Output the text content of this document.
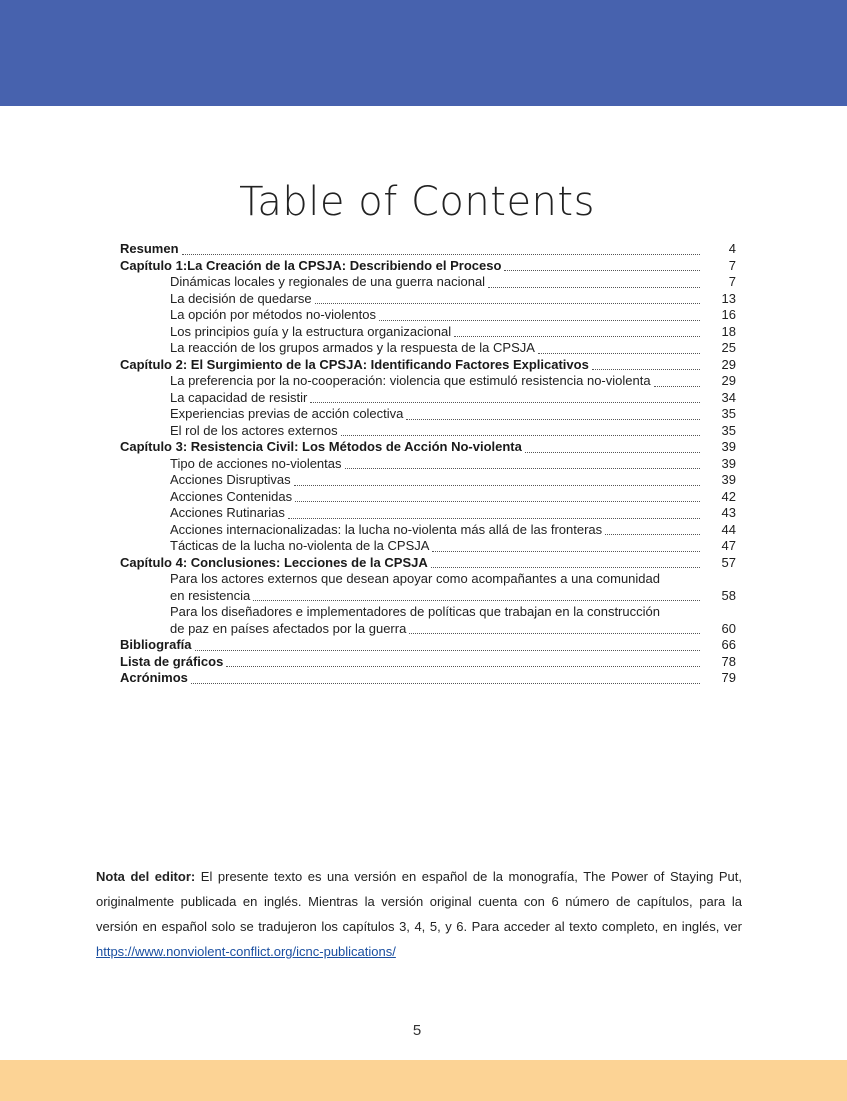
Table of Contents
Resumen	4
Capítulo 1:La Creación de la CPSJA: Describiendo el Proceso	7
Dinámicas locales y regionales de una guerra nacional	7
La decisión de quedarse	13
La opción por métodos no-violentos	16
Los principios guía y la estructura organizacional	18
La reacción de los grupos armados y la respuesta de la CPSJA	25
Capítulo 2: El Surgimiento de la CPSJA: Identificando Factores Explicativos	29
La preferencia por la no-cooperación: violencia que estimuló resistencia no-violenta	29
La capacidad de resistir	34
Experiencias previas de acción colectiva	35
El rol de los actores externos	35
Capítulo 3: Resistencia Civil: Los Métodos de Acción No-violenta	39
Tipo de acciones no-violentas	39
Acciones Disruptivas	39
Acciones Contenidas	42
Acciones Rutinarias	43
Acciones internacionalizadas: la lucha no-violenta más allá de las fronteras	44
Tácticas de la lucha no-violenta de la CPSJA	47
Capítulo 4: Conclusiones: Lecciones de la CPSJA	57
Para los actores externos que desean apoyar como acompañantes a una comunidad
en resistencia	58
Para los diseñadores e implementadores de políticas que trabajan en la construcción
de paz en países afectados por la guerra	60
Bibliografía	66
Lista de gráficos	78
Acrónimos	79
Nota del editor: El presente texto es una versión en español de la monografía, The Power of Staying Put, originalmente publicada en inglés. Mientras la versión original cuenta con 6 número de capítulos, para la versión en español solo se tradujeron los capítulos 3, 4, 5, y 6. Para acceder al texto completo, en inglés, ver https://www.nonviolent-conflict.org/icnc-publications/
5
